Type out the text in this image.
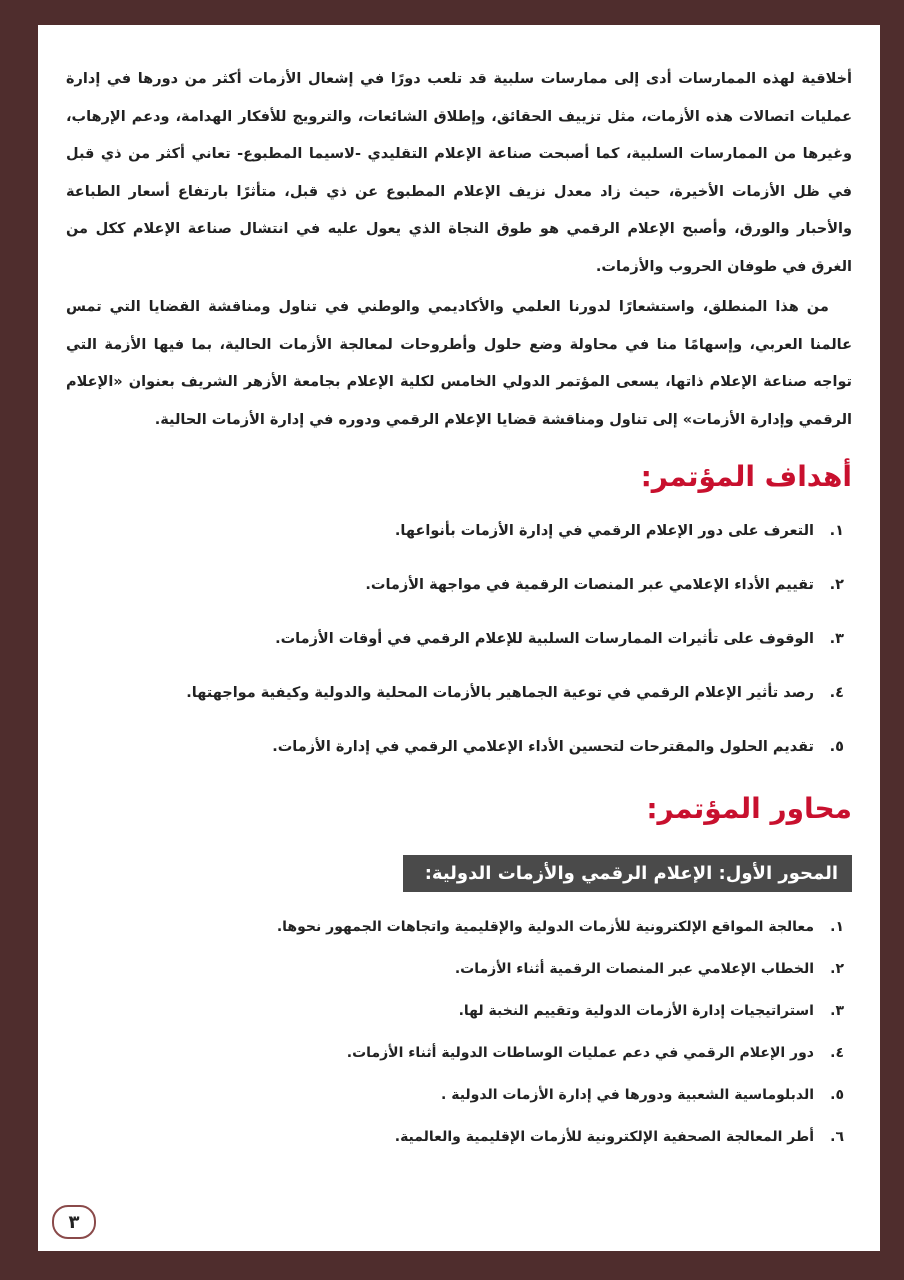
أخلاقية لهذه الممارسات أدى إلى ممارسات سلبية قد تلعب دورًا في إشعال الأزمات أكثر من دورها في إدارة عمليات اتصالات هذه الأزمات، مثل تزييف الحقائق، وإطلاق الشائعات، والترويج للأفكار الهدامة، ودعم الإرهاب، وغيرها من الممارسات السلبية، كما أصبحت صناعة الإعلام التقليدي -لاسيما المطبوع- تعاني أكثر من ذي قبل في ظل الأزمات الأخيرة، حيث زاد معدل نزيف الإعلام المطبوع عن ذي قبل، متأثرًا بارتفاع أسعار الطباعة والأحبار والورق، وأصبح الإعلام الرقمي هو طوق النجاة الذي يعول عليه في انتشال صناعة الإعلام ككل من الغرق في طوفان الحروب والأزمات.

من هذا المنطلق، واستشعارًا لدورنا العلمي والأكاديمي والوطني في تناول ومناقشة القضايا التي تمس عالمنا العربي، وإسهامًا منا في محاولة وضع حلول وأطروحات لمعالجة الأزمات الحالية، بما فيها الأزمة التي تواجه صناعة الإعلام ذاتها، يسعى المؤتمر الدولي الخامس لكلية الإعلام بجامعة الأزهر الشريف بعنوان «الإعلام الرقمي وإدارة الأزمات» إلى تناول ومناقشة قضايا الإعلام الرقمي ودوره في إدارة الأزمات الحالية.

أهداف المؤتمر:
١.
التعرف على دور الإعلام الرقمي في إدارة الأزمات بأنواعها.
٢.
تقييم الأداء الإعلامي عبر المنصات الرقمية في مواجهة الأزمات.
٣.
الوقوف على تأثيرات الممارسات السلبية للإعلام الرقمي في أوقات الأزمات.
٤.
رصد تأثير الإعلام الرقمي في توعية الجماهير بالأزمات المحلية والدولية وكيفية مواجهتها.
٥.
تقديم الحلول والمقترحات لتحسين الأداء الإعلامي الرقمي في إدارة الأزمات.
محاور المؤتمر:
المحور الأول: الإعلام الرقمي والأزمات الدولية:
١.
معالجة المواقع الإلكترونية للأزمات الدولية والإقليمية واتجاهات الجمهور نحوها.
٢.
الخطاب الإعلامي عبر المنصات الرقمية أثناء الأزمات.
٣.
استراتيجيات إدارة الأزمات الدولية وتقييم النخبة لها.
٤.
دور الإعلام الرقمي في دعم عمليات الوساطات الدولية أثناء الأزمات.
٥.
الدبلوماسية الشعبية ودورها في إدارة الأزمات الدولية .
٦.
أطر المعالجة الصحفية الإلكترونية للأزمات الإقليمية والعالمية.
٣
